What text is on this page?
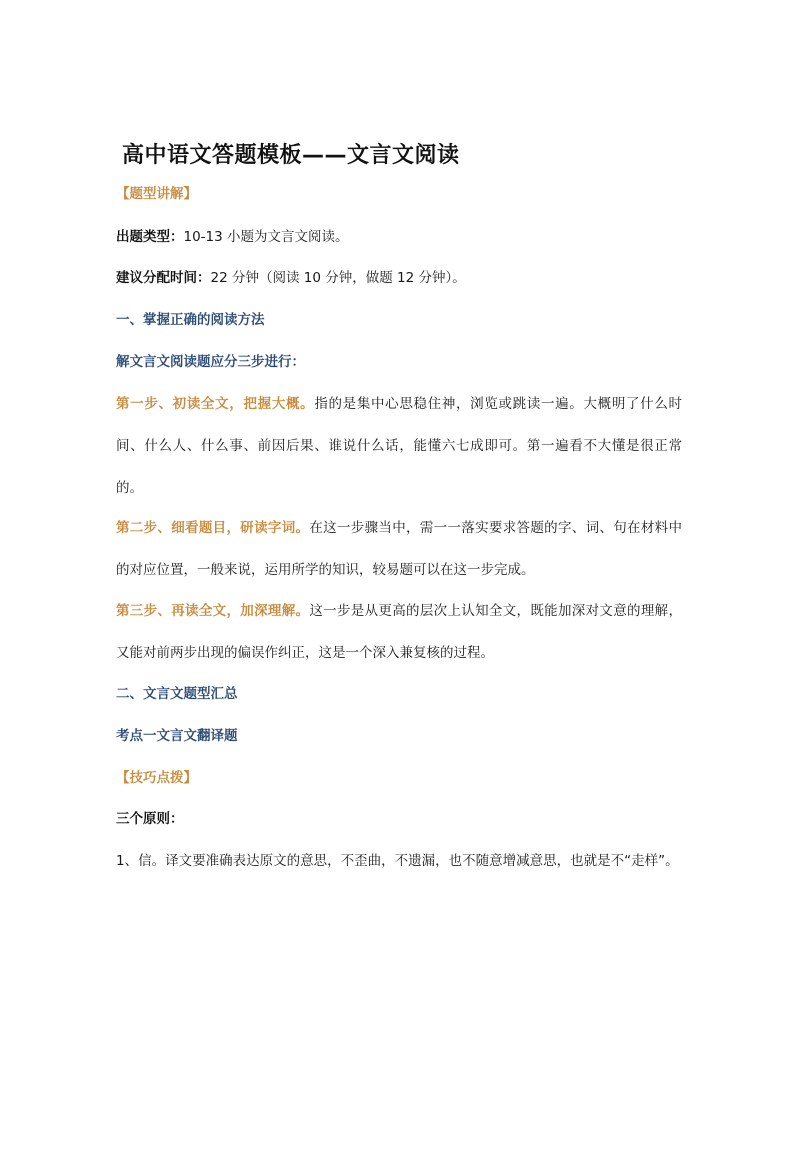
高中语文答题模板——文言文阅读
【题型讲解】
出题类型：10-13 小题为文言文阅读。
建议分配时间：22 分钟（阅读 10 分钟，做题 12 分钟）。
一、掌握正确的阅读方法
解文言文阅读题应分三步进行：
第一步、初读全文，把握大概。指的是集中心思稳住神，浏览或跳读一遍。大概明了什么时间、什么人、什么事、前因后果、谁说什么话，能懂六七成即可。第一遍看不大懂是很正常的。
第二步、细看题目，研读字词。在这一步骤当中，需一一落实要求答题的字、词、句在材料中的对应位置，一般来说，运用所学的知识，较易题可以在这一步完成。
第三步、再读全文，加深理解。这一步是从更高的层次上认知全文，既能加深对文意的理解，又能对前两步出现的偏误作纠正，这是一个深入兼复核的过程。
二、文言文题型汇总
考点一文言文翻译题
【技巧点拨】
三个原则：
1、信。译文要准确表达原文的意思，不歪曲，不遗漏，也不随意增减意思，也就是不“走样”。
